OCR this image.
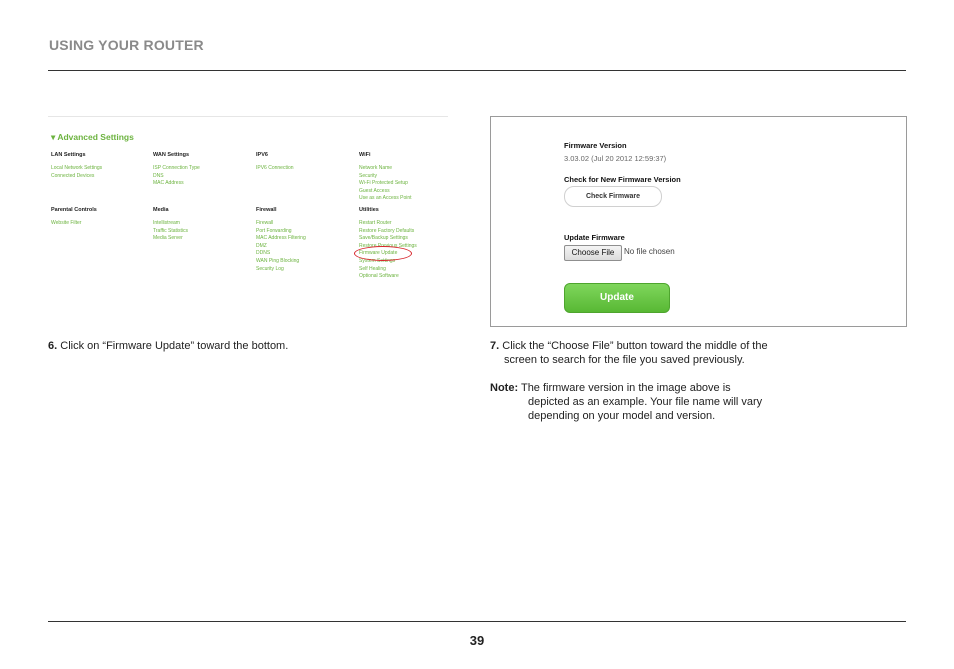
USING YOUR ROUTER
▾ Advanced Settings
LAN Settings
Local Network Settings
Connected Devices
WAN Settings
ISP Connection Type
DNS
MAC Address
IPV6
IPV6 Connection
WiFi
Network Name
Security
Wi-Fi Protected Setup
Guest Access
Use as an Access Point
Parental Controls
Website Filter
Media
Intellistream
Traffic Statistics
Media Server
Firewall
Firewall
Port Forwarding
MAC Address Filtering
DMZ
DDNS
WAN Ping Blocking
Security Log
Utilities
Restart Router
Restore Factory Defaults
Save/Backup Settings
Restore Previous Settings
Firmware Update
System Settings
Self Healing
Optional Software
Firmware Version
3.03.02 (Jul 20 2012 12:59:37)
Check for New Firmware Version
Check Firmware
Update Firmware
Choose File	No file chosen
Update
6. Click on “Firmware Update” toward the bottom.	7. Click the “Choose File” button toward the middle of the
screen to search for the file you saved previously.
Note: The firmware version in the image above is
depicted as an example. Your file name will vary
depending on your model and version.
39
